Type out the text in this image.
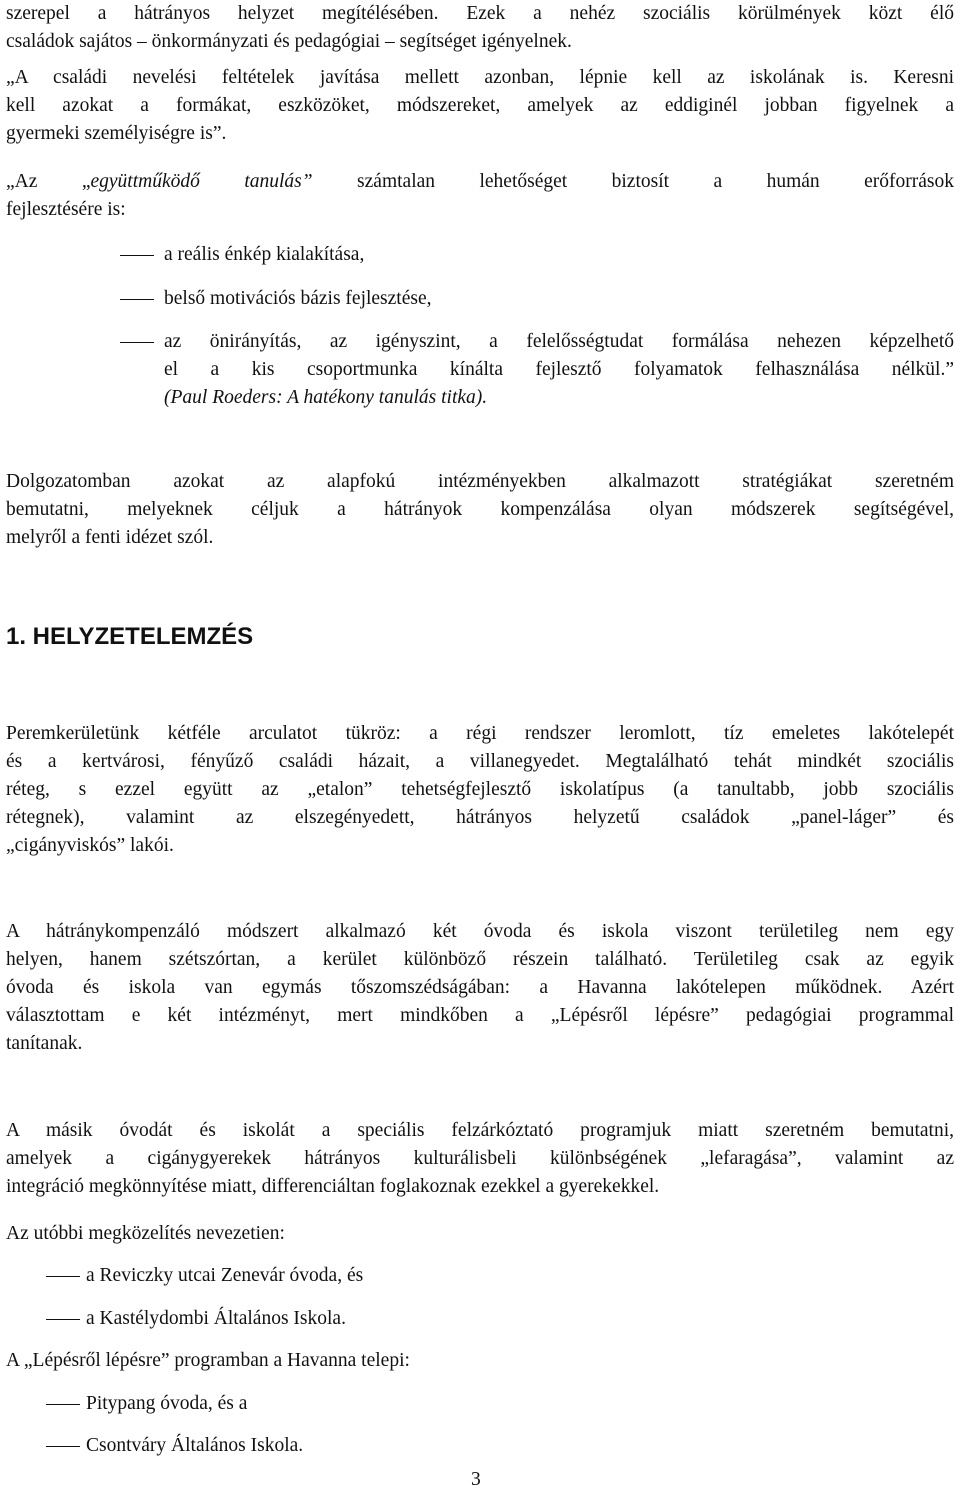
szerepel a hátrányos helyzet megítélésében. Ezek a nehéz szociális körülmények közt élő
családok sajátos – önkormányzati és pedagógiai – segítséget igényelnek.
„A családi nevelési feltételek javítása mellett azonban, lépnie kell az iskolának is. Keresni
kell azokat a formákat, eszközöket, módszereket, amelyek az eddiginél jobban figyelnek a
gyermeki személyiségre is”.
„Az „együttműködő tanulás” számtalan lehetőséget biztosít a humán erőforrások
fejlesztésére is:
a reális énkép kialakítása,
belső motivációs bázis fejlesztése,
az önirányítás, az igényszint, a felelősségtudat formálása nehezen képzelhető
el a kis csoportmunka kínálta fejlesztő folyamatok felhasználása nélkül.”
(Paul Roeders: A hatékony tanulás titka).
Dolgozatomban azokat az alapfokú intézményekben alkalmazott stratégiákat szeretném
bemutatni, melyeknek céljuk a hátrányok kompenzálása olyan módszerek segítségével,
melyről a fenti idézet szól.
1. HELYZETELEMZÉS
Peremkerületünk kétféle arculatot tükröz: a régi rendszer leromlott, tíz emeletes lakótelepét
és a kertvárosi, fényűző családi házait, a villanegyedet. Megtalálható tehát mindkét szociális
réteg, s ezzel együtt az „etalon” tehetségfejlesztő iskolatípus (a tanultabb, jobb szociális
rétegnek), valamint az elszegényedett, hátrányos helyzetű családok „panel-láger” és
„cigányviskós” lakói.
A hátránykompenzáló módszert alkalmazó két óvoda és iskola viszont területileg nem egy
helyen, hanem szétszórtan, a kerület különböző részein található. Területileg csak az egyik
óvoda és iskola van egymás tőszomszédságában: a Havanna lakótelepen működnek. Azért
választottam e két intézményt, mert mindkőben a „Lépésről lépésre” pedagógiai programmal
tanítanak.
A másik óvodát és iskolát a speciális felzárkóztató programjuk miatt szeretném bemutatni,
amelyek a cigánygyerekek hátrányos kulturálisbeli különbségének „lefaragása”, valamint az
integráció megkönnyítése miatt, differenciáltan foglakoznak ezekkel a gyerekekkel.
Az utóbbi megközelítés nevezetien:
a Reviczky utcai Zenevár óvoda, és
a Kastélydombi Általános Iskola.
A „Lépésről lépésre” programban a Havanna telepi:
Pitypang óvoda, és a
Csontváry Általános Iskola.
3
